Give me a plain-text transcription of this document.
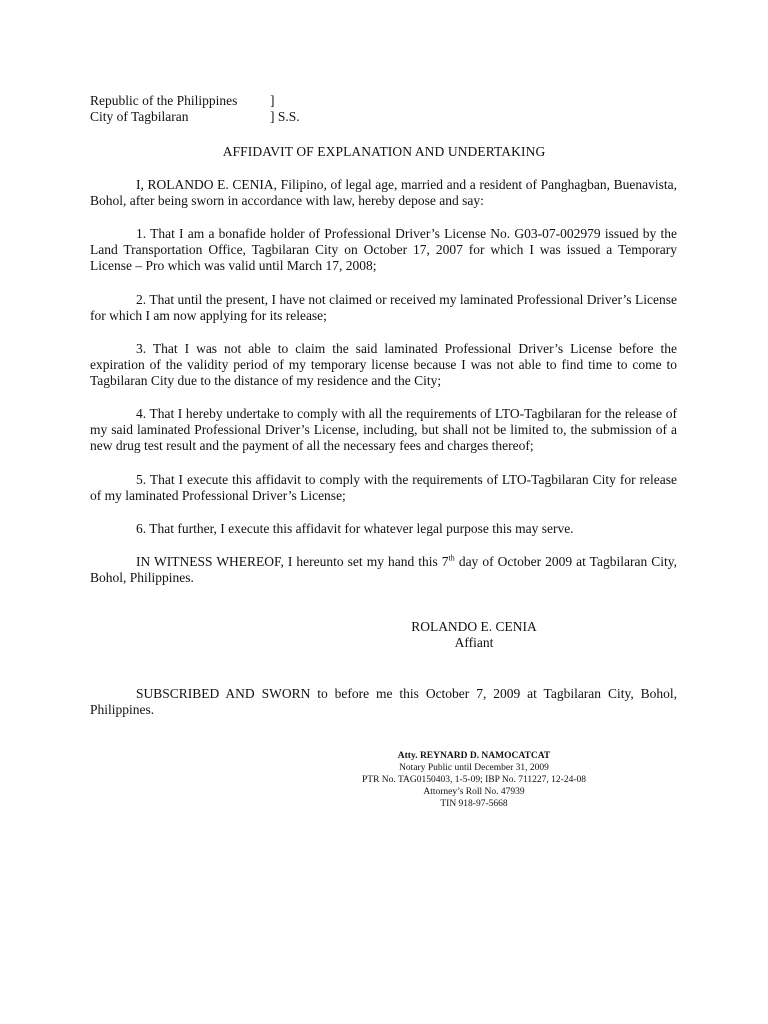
Republic of the Philippines	]
City of Tagbilaran	] S.S.
AFFIDAVIT OF EXPLANATION AND UNDERTAKING

I, ROLANDO E. CENIA, Filipino, of legal age, married and a resident of Panghagban, Buenavista, Bohol, after being sworn in accordance with law, hereby depose and say:

1. That I am a bonafide holder of Professional Driver’s License No. G03-07-002979 issued by the Land Transportation Office, Tagbilaran City on October 17, 2007 for which I was issued a Temporary License – Pro which was valid until March 17, 2008;

2. That until the present, I have not claimed or received my laminated Professional Driver’s License for which I am now applying for its release;

3. That I was not able to claim the said laminated Professional Driver’s License before the expiration of the validity period of my temporary license because I was not able to find time to come to Tagbilaran City due to the distance of my residence and the City;

4. That I hereby undertake to comply with all the requirements of LTO-Tagbilaran for the release of my said laminated Professional Driver’s License, including, but shall not be limited to, the submission of a new drug test result and the payment of all the necessary fees and charges thereof;

5. That I execute this affidavit to comply with the requirements of LTO-Tagbilaran City for release of my laminated Professional Driver’s License;

6. That further, I execute this affidavit for whatever legal purpose this may serve.

IN WITNESS WHEREOF, I hereunto set my hand this 7th day of October 2009 at Tagbilaran City, Bohol, Philippines.

ROLANDO E. CENIA
Affiant

SUBSCRIBED AND SWORN to before me this October 7, 2009 at Tagbilaran City, Bohol, Philippines.

Atty. REYNARD D. NAMOCATCAT
Notary Public until December 31, 2009
PTR No. TAG0150403, 1-5-09; IBP No. 711227, 12-24-08
Attorney’s Roll No. 47939
TIN 918-97-5668
